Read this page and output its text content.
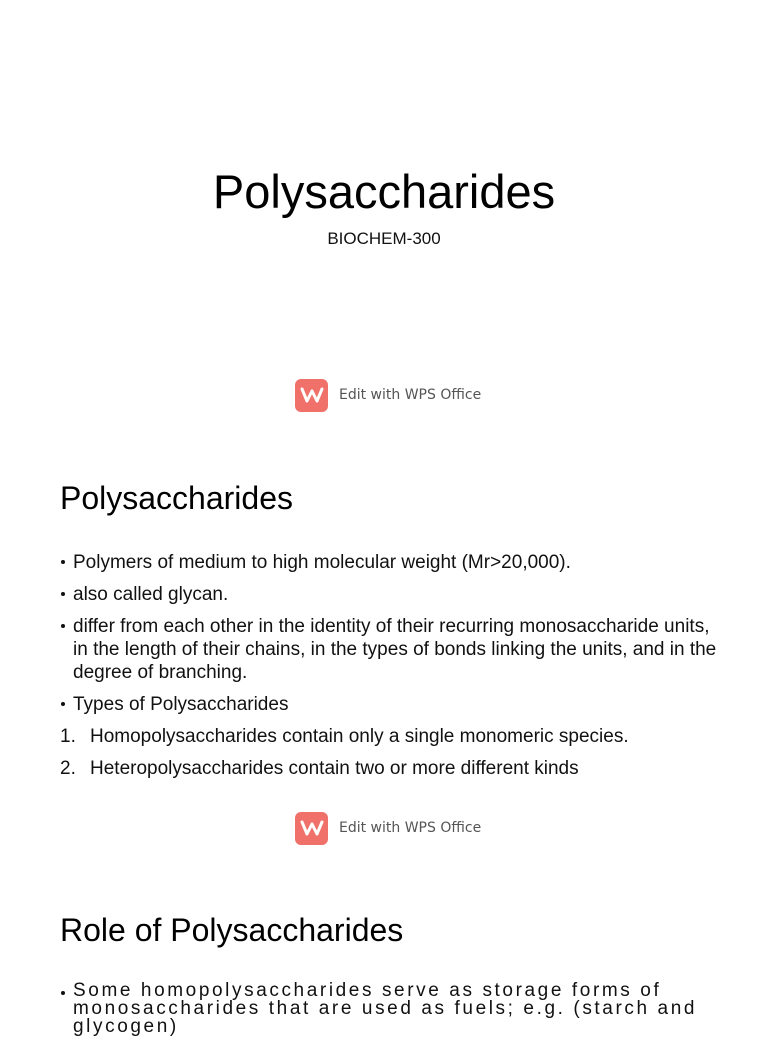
Polysaccharides
BIOCHEM-300
Edit with WPS Office
Polysaccharides
Polymers of medium to high molecular weight (Mr>20,000).
also called glycan.
differ from each other in the identity of their recurring monosaccharide units, in the length of their chains, in the types of bonds linking the units, and in the degree of branching.
Types of Polysaccharides
1. Homopolysaccharides contain only a single monomeric species.
2. Heteropolysaccharides contain two or more different kinds
Edit with WPS Office
Role of Polysaccharides
Some homopolysaccharides serve as storage forms of monosaccharides that are used as fuels; e.g. (starch and glycogen)
